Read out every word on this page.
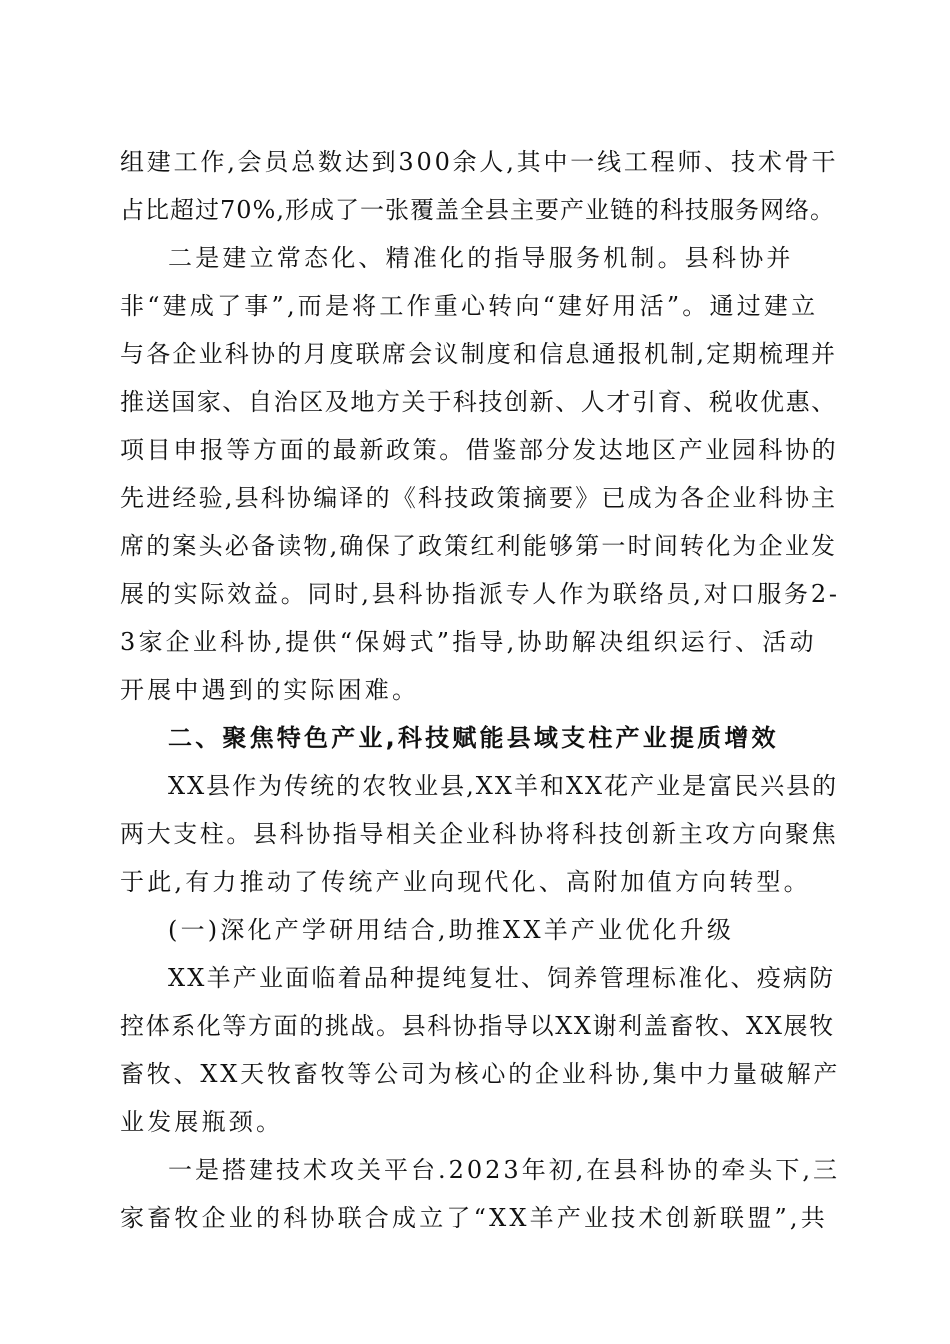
组建工作,会员总数达到300余人,其中一线工程师、技术骨干
占比超过70%,形成了一张覆盖全县主要产业链的科技服务网络。
二是建立常态化、精准化的指导服务机制。县科协并
非“建成了事”,而是将工作重心转向“建好用活”。通过建立
与各企业科协的月度联席会议制度和信息通报机制,定期梳理并
推送国家、自治区及地方关于科技创新、人才引育、税收优惠、
项目申报等方面的最新政策。借鉴部分发达地区产业园科协的
先进经验,县科协编译的《科技政策摘要》已成为各企业科协主
席的案头必备读物,确保了政策红利能够第一时间转化为企业发
展的实际效益。同时,县科协指派专人作为联络员,对口服务2-
3家企业科协,提供“保姆式”指导,协助解决组织运行、活动
开展中遇到的实际困难。
二、聚焦特色产业,科技赋能县域支柱产业提质增效
XX县作为传统的农牧业县,XX羊和XX花产业是富民兴县的
两大支柱。县科协指导相关企业科协将科技创新主攻方向聚焦
于此,有力推动了传统产业向现代化、高附加值方向转型。
(一)深化产学研用结合,助推XX羊产业优化升级
XX羊产业面临着品种提纯复壮、饲养管理标准化、疫病防
控体系化等方面的挑战。县科协指导以XX谢利盖畜牧、XX展牧
畜牧、XX天牧畜牧等公司为核心的企业科协,集中力量破解产
业发展瓶颈。
一是搭建技术攻关平台.2023年初,在县科协的牵头下,三
家畜牧企业的科协联合成立了“XX羊产业技术创新联盟”,共
